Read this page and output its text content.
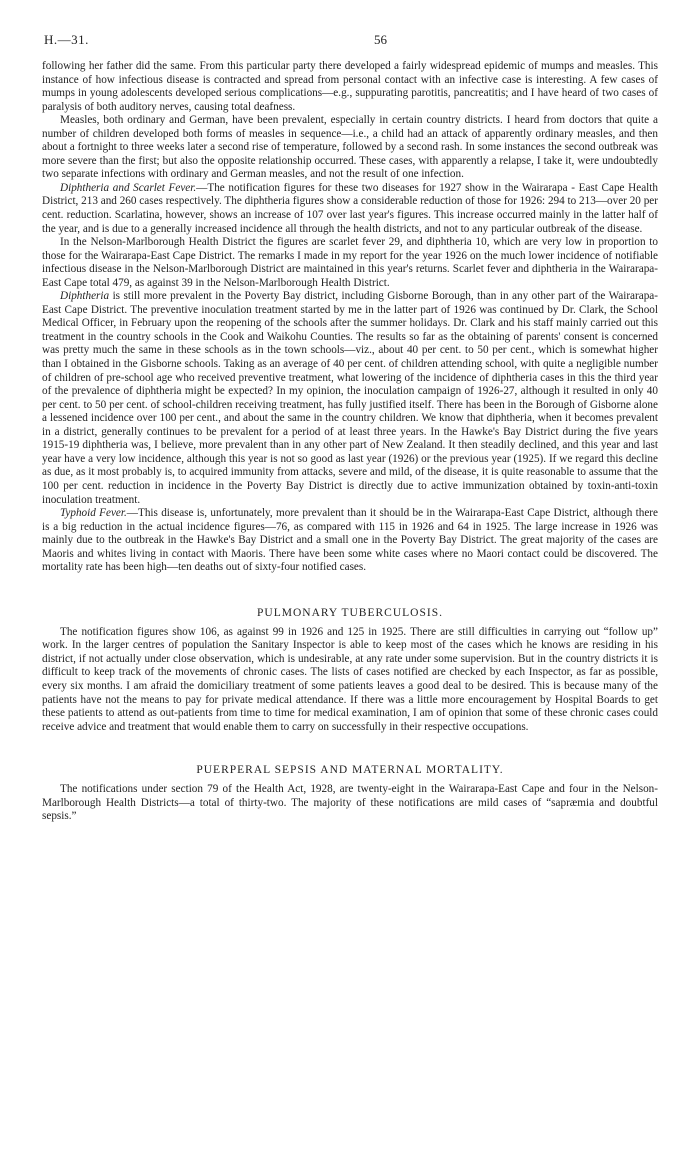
H.—31.	56

following her father did the same. From this particular party there developed a fairly widespread epidemic of mumps and measles. This instance of how infectious disease is contracted and spread from personal contact with an infective case is interesting. A few cases of mumps in young adolescents developed serious complications—e.g., suppurating parotitis, pancreatitis; and I have heard of two cases of paralysis of both auditory nerves, causing total deafness.

Measles, both ordinary and German, have been prevalent, especially in certain country districts. I heard from doctors that quite a number of children developed both forms of measles in sequence—i.e., a child had an attack of apparently ordinary measles, and then about a fortnight to three weeks later a second rise of temperature, followed by a second rash. In some instances the second outbreak was more severe than the first; but also the opposite relationship occurred. These cases, with apparently a relapse, I take it, were undoubtedly two separate infections with ordinary and German measles, and not the result of one infection.

Diphtheria and Scarlet Fever.—The notification figures for these two diseases for 1927 show in the Wairarapa - East Cape Health District, 213 and 260 cases respectively. The diphtheria figures show a considerable reduction of those for 1926: 294 to 213—over 20 per cent. reduction. Scarlatina, however, shows an increase of 107 over last year's figures. This increase occurred mainly in the latter half of the year, and is due to a generally increased incidence all through the health districts, and not to any particular outbreak of the disease.

In the Nelson-Marlborough Health District the figures are scarlet fever 29, and diphtheria 10, which are very low in proportion to those for the Wairarapa-East Cape District. The remarks I made in my report for the year 1926 on the much lower incidence of notifiable infectious disease in the Nelson-Marlborough District are maintained in this year's returns. Scarlet fever and diphtheria in the Wairarapa-East Cape total 479, as against 39 in the Nelson-Marlborough Health District.

Diphtheria is still more prevalent in the Poverty Bay district, including Gisborne Borough, than in any other part of the Wairarapa-East Cape District. The preventive inoculation treatment started by me in the latter part of 1926 was continued by Dr. Clark, the School Medical Officer, in February upon the reopening of the schools after the summer holidays. Dr. Clark and his staff mainly carried out this treatment in the country schools in the Cook and Waikohu Counties. The results so far as the obtaining of parents' consent is concerned was pretty much the same in these schools as in the town schools—viz., about 40 per cent. to 50 per cent., which is somewhat higher than I obtained in the Gisborne schools. Taking as an average of 40 per cent. of children attending school, with quite a negligible number of children of pre-school age who received preventive treatment, what lowering of the incidence of diphtheria cases in this the third year of the prevalence of diphtheria might be expected? In my opinion, the inoculation campaign of 1926-27, although it resulted in only 40 per cent. to 50 per cent. of school-children receiving treatment, has fully justified itself. There has been in the Borough of Gisborne alone a lessened incidence over 100 per cent., and about the same in the country children. We know that diphtheria, when it becomes prevalent in a district, generally continues to be prevalent for a period of at least three years. In the Hawke's Bay District during the five years 1915-19 diphtheria was, I believe, more prevalent than in any other part of New Zealand. It then steadily declined, and this year and last year have a very low incidence, although this year is not so good as last year (1926) or the previous year (1925). If we regard this decline as due, as it most probably is, to acquired immunity from attacks, severe and mild, of the disease, it is quite reasonable to assume that the 100 per cent. reduction in incidence in the Poverty Bay District is directly due to active immunization obtained by toxin-anti-toxin inoculation treatment.

Typhoid Fever.—This disease is, unfortunately, more prevalent than it should be in the Wairarapa-East Cape District, although there is a big reduction in the actual incidence figures—76, as compared with 115 in 1926 and 64 in 1925. The large increase in 1926 was mainly due to the outbreak in the Hawke's Bay District and a small one in the Poverty Bay District. The great majority of the cases are Maoris and whites living in contact with Maoris. There have been some white cases where no Maori contact could be discovered. The mortality rate has been high—ten deaths out of sixty-four notified cases.

PULMONARY TUBERCULOSIS.

The notification figures show 106, as against 99 in 1926 and 125 in 1925. There are still difficulties in carrying out “follow up” work. In the larger centres of population the Sanitary Inspector is able to keep most of the cases which he knows are residing in his district, if not actually under close observation, which is undesirable, at any rate under some supervision. But in the country districts it is difficult to keep track of the movements of chronic cases. The lists of cases notified are checked by each Inspector, as far as possible, every six months. I am afraid the domiciliary treatment of some patients leaves a good deal to be desired. This is because many of the patients have not the means to pay for private medical attendance. If there was a little more encouragement by Hospital Boards to get these patients to attend as out-patients from time to time for medical examination, I am of opinion that some of these chronic cases could receive advice and treatment that would enable them to carry on successfully in their respective occupations.

PUERPERAL SEPSIS AND MATERNAL MORTALITY.

The notifications under section 79 of the Health Act, 1928, are twenty-eight in the Wairarapa-East Cape and four in the Nelson-Marlborough Health Districts—a total of thirty-two. The majority of these notifications are mild cases of “sapræmia and doubtful sepsis.”
